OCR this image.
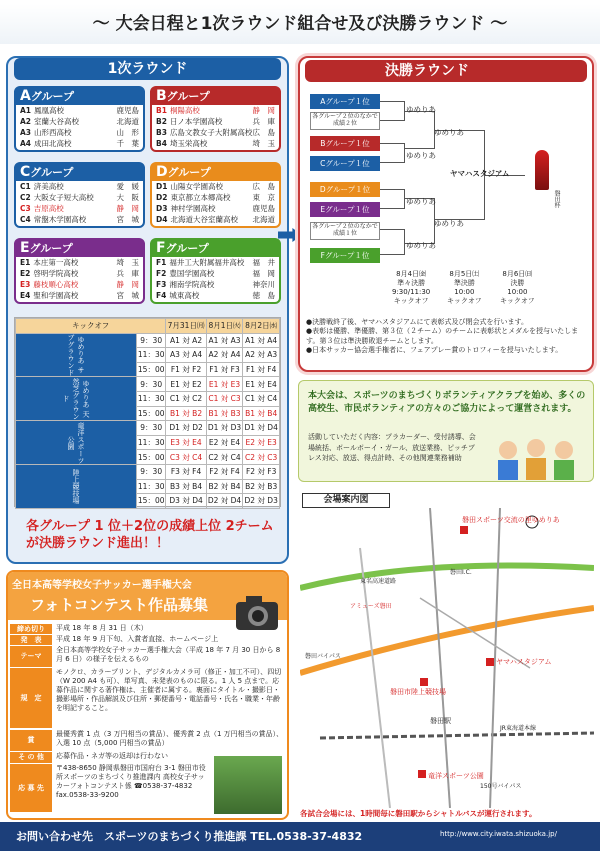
〜 大会日程と1次ラウンド組合せ及び決勝ラウンド 〜
1次ラウンド
Aグループ
A1 鳳凰高校	鹿児島
A2 室蘭大谷高校	北海道
A3 山形西高校	山　形
A4 成田北高校	千　葉
Bグループ
B1 桐陽高校	静　岡
B2 日ノ本学園高校	兵　庫
B3 広島文教女子大附属高校 広　島
B4 埼玉栄高校	埼　玉
Cグループ
C1 済美高校	愛　媛
C2 大阪女子短大高校	大　阪
C3 吉原高校	静　岡
C4 常盤木学園高校	宮　城
Dグループ
D1 山陽女学園高校	広　島
D2 東京都立本郷高校	東　京
D3 神村学園高校	鹿児島
D4 北海道大谷室蘭高校	北海道
Eグループ
E1 本庄第一高校	埼　玉
E2 啓明学院高校	兵　庫
E3 藤枝順心高校	静　岡
E4 聖和学園高校	宮　城
Fグループ
F1 福井工大附属福井高校	福　井
F2 豊国学園高校	福　岡
F3 湘南学院高校	神奈川
F4 城東高校	徳　島
キックオフ		7月31日㈪	8月1日㈫	8月2日㈬
ゆめりあ サブグラウンド	9：30	A1 対 A2	A1 対 A3	A1 対 A4
	11：30	A3 対 A4	A2 対 A4	A2 対 A3
	15：00	F1 対 F2	F1 対 F3	F1 対 F4
ゆめりあ 天然芝グラウンド	9：30	E1 対 E2	E1 対 E3	E1 対 E4
	11：30	C1 対 C2	C1 対 C3	C1 対 C4
	15：00	B1 対 B2	B1 対 B3	B1 対 B4
竜洋スポーツ公園	9：30	D1 対 D2	D1 対 D3	D1 対 D4
	11：30	E3 対 E4	E2 対 E4	E2 対 E3
	15：00	C3 対 C4	C2 対 C4	C2 対 C3
陸上競技場	9：30	F3 対 F4	F2 対 F4	F2 対 F3
	11：30	B3 対 B4	B2 対 B4	B2 対 B3
	15：00	D3 対 D4	D2 対 D4	D2 対 D3
各グループ 1 位＋2位の成績上位 2チームが決勝ラウンド進出！！
決勝ラウンド
Aグループ１位
各グループ２位のなかで成績２位
Bグループ１位
Cグループ１位
Dグループ１位
Eグループ１位
各グループ２位のなかで成績１位
Fグループ１位
ゆめりあ
ゆめりあ
ゆめりあ
ゆめりあ
ゆめりあ
ゆめりあ
ヤマハスタジアム
磐田杯
8月4日㈮
準々決勝
9:30/11:30
キックオフ
8月5日㈯
準決勝
10:00
キックオフ
8月6日㈰
決勝
10:00
キックオフ
●決勝戦終了後、ヤマハスタジアムにて表彰式及び閉会式を行います。
●表彰は優勝、準優勝、第３位（２チーム）のチームに表彰状とメダルを授与いたします。第３位は準決勝敗退チームとします。
●日本サッカー協会選手権者に、フェアプレー賞のトロフィーを授与いたします。
本大会は、スポーツのまちづくりボランティアクラブを始め、多くの高校生、市民ボランティアの方々のご協力によって運営されます。
活動していただく内容：プラカーダー、受付誘導、会場統括、ボールボーイ・ガール、放送業務、ピッチブレス対応、放送、得点計時、その他関連業務補助
会場案内図
磐田スポーツ交流の里ゆめりあ
ヤマハスタジアム
磐田市陸上競技場
竜洋スポーツ公園
磐田駅
JR東海道本線
東名高速道路
磐田I.C.
磐田バイパス
150号バイパス
アミューズ磐田
各試合会場には、1時間毎に磐田駅からシャトルバスが運行されます。
全日本高等学校女子サッカー選手権大会
フォトコンテスト作品募集
締め切り	平成 18 年 8 月 31 日（木）
発　表	平成 18 年 9 月下旬、入賞者直接、ホームページ上
テーマ
全日本高等学校女子サッカー選手権大会（平成 18 年 7 月 30 日から 8 月 6 日）の様子を伝えるもの
規　定
モノクロ、カラープリント、デジタルカメラ可（修正・加工不可）、四切（W 200 A4 も可）、単写真、未発表のものに限る。1 人 5 点まで。応募作品に関する著作権は、主催者に属する。裏面にタイトル・撮影日・撮影場所・作品解説及び住所・郵便番号・電話番号・氏名・職業・年齢を明記すること。
賞
最優秀賞 1 点（3 万円相当の賞品）、優秀賞 2 点（1 万円相当の賞品）、入選 10 点（5,000 円相当の賞品）
そ の 他	応募作品・ネガ等の返却は行わない
応 募 先
〒438-8650 静岡県磐田市国府台 3-1 磐田市役所スポーツのまちづくり推進課内 高校女子サッカーフォトコンテスト係 ☎0538-37-4832　fax.0538-33-9200
お問い合わせ先　スポーツのまちづくり推進課 TEL.0538-37-4832	http://www.city.iwata.shizuoka.jp/
